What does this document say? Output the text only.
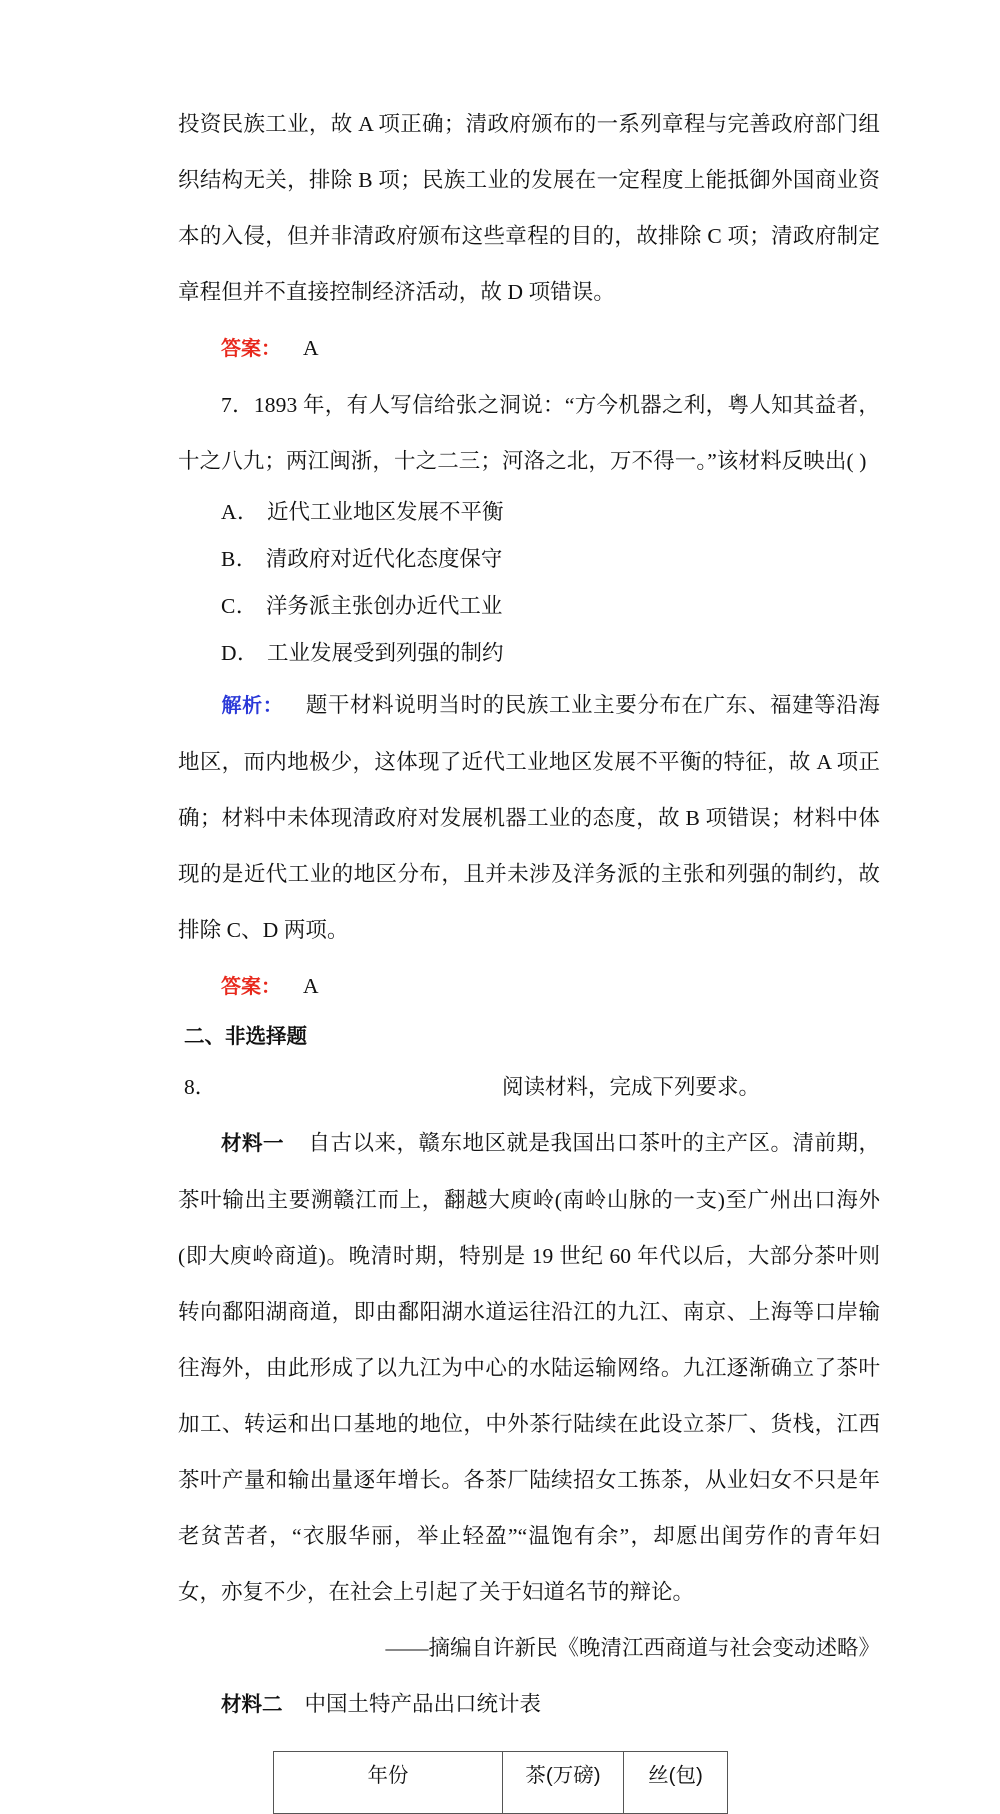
投资民族工业，故 A 项正确；清政府颁布的一系列章程与完善政府部门组织结构无关，排除 B 项；民族工业的发展在一定程度上能抵御外国商业资本的入侵，但并非清政府颁布这些章程的目的，故排除 C 项；清政府制定章程但并不直接控制经济活动，故 D 项错误。

答案： A

7．1893 年，有人写信给张之洞说：“方今机器之利，粤人知其益者，十之八九；两江闽浙，十之二三；河洛之北，万不得一。”该材料反映出( )

A． 近代工业地区发展不平衡

B． 清政府对近代化态度保守

C． 洋务派主张创办近代工业

D． 工业发展受到列强的制约

解析： 题干材料说明当时的民族工业主要分布在广东、福建等沿海地区，而内地极少，这体现了近代工业地区发展不平衡的特征，故 A 项正确；材料中未体现清政府对发展机器工业的态度，故 B 项错误；材料中体现的是近代工业的地区分布，且并未涉及洋务派的主张和列强的制约，故排除 C、D 两项。

答案： A

二、非选择题

8．	阅读材料，完成下列要求。

材料一 自古以来，赣东地区就是我国出口茶叶的主产区。清前期，茶叶输出主要溯赣江而上，翻越大庾岭(南岭山脉的一支)至广州出口海外(即大庾岭商道)。晚清时期，特别是 19 世纪 60 年代以后，大部分茶叶则转向鄱阳湖商道，即由鄱阳湖水道运往沿江的九江、南京、上海等口岸输往海外，由此形成了以九江为中心的水陆运输网络。九江逐渐确立了茶叶加工、转运和出口基地的地位，中外茶行陆续在此设立茶厂、货栈，江西茶叶产量和输出量逐年增长。各茶厂陆续招女工拣茶，从业妇女不只是年老贫苦者，“衣服华丽，举止轻盈”“温饱有余”，却愿出闺劳作的青年妇女，亦复不少，在社会上引起了关于妇道名节的辩论。

——摘编自许新民《晚清江西商道与社会变动述略》

材料二 中国土特产品出口统计表

年份	茶(万磅)	丝(包)
